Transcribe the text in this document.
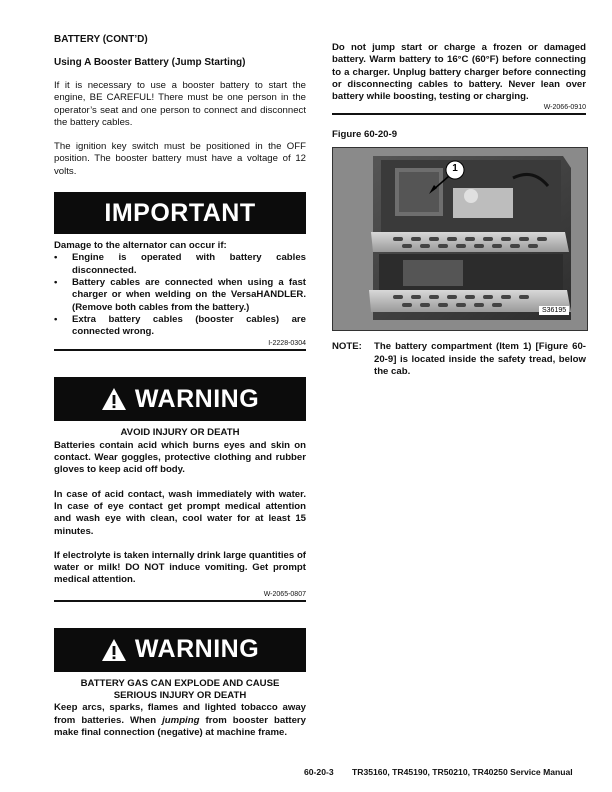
BATTERY (CONT’D)

Using A Booster Battery (Jump Starting)

If it is necessary to use a booster battery to start the engine, BE CAREFUL! There must be one person in the operator’s seat and one person to connect and disconnect the battery cables.

The ignition key switch must be positioned in the OFF position. The booster battery must have a voltage of 12 volts.

IMPORTANT

Damage to the alternator can occur if:

•	Engine is operated with battery cables disconnected.
•	Battery cables are connected when using a fast charger or when welding on the VersaHANDLER. (Remove both cables from the battery.)
•	Extra battery cables (booster cables) are connected wrong.

I-2228-0304

WARNING

AVOID INJURY OR DEATH

Batteries contain acid which burns eyes and skin on contact. Wear goggles, protective clothing and rubber gloves to keep acid off body.

In case of acid contact, wash immediately with water. In case of eye contact get prompt medical attention and wash eye with clean, cool water for at least 15 minutes.

If electrolyte is taken internally drink large quantities of water or milk! DO NOT induce vomiting. Get prompt medical attention.

W-2065-0807

WARNING

BATTERY GAS CAN EXPLODE AND CAUSE

SERIOUS INJURY OR DEATH

Keep arcs, sparks, flames and lighted tobacco away from batteries. When jumping from booster battery make final connection (negative) at machine frame.

Do not jump start or charge a frozen or damaged battery. Warm battery to 16°C (60°F) before connecting to a charger. Unplug battery charger before connecting or disconnecting cables to battery. Never lean over battery while boosting, testing or charging.

W-2066-0910

Figure 60-20-9

1
S36195
NOTE:	The battery compartment (Item 1) [Figure 60-20-9] is located inside the safety tread, below the cab.
60-20-3 TR35160, TR45190, TR50210, TR40250 Service Manual
